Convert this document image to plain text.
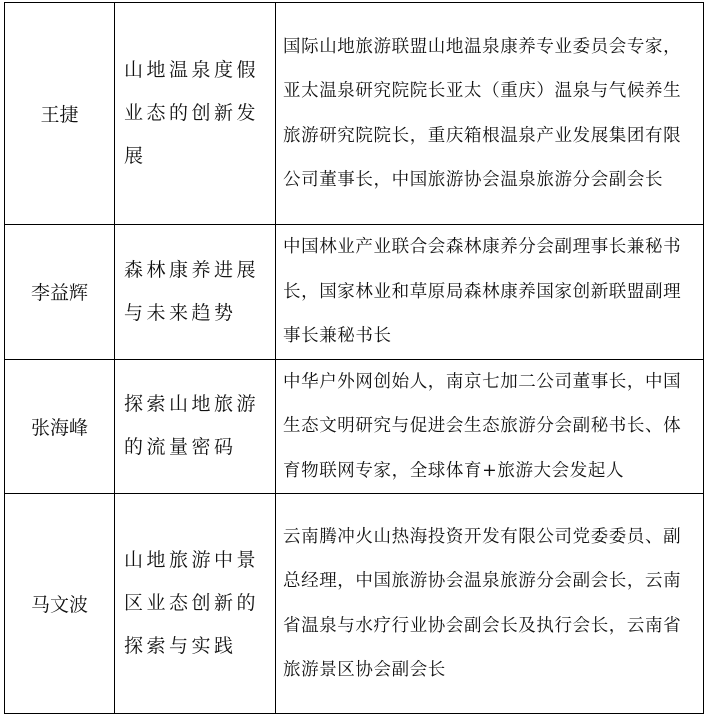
王捷	山地温泉度假业态的创新发展	国际山地旅游联盟山地温泉康养专业委员会专家，亚太温泉研究院院长亚太（重庆）温泉与气候养生旅游研究院院长，重庆箱根温泉产业发展集团有限公司董事长，中国旅游协会温泉旅游分会副会长
李益辉	森林康养进展与未来趋势	中国林业产业联合会森林康养分会副理事长兼秘书长，国家林业和草原局森林康养国家创新联盟副理事长兼秘书长
张海峰	探索山地旅游的流量密码	中华户外网创始人，南京七加二公司董事长，中国生态文明研究与促进会生态旅游分会副秘书长、体育物联网专家，全球体育+旅游大会发起人
马文波	山地旅游中景区业态创新的探索与实践	云南腾冲火山热海投资开发有限公司党委委员、副总经理，中国旅游协会温泉旅游分会副会长，云南省温泉与水疗行业协会副会长及执行会长，云南省旅游景区协会副会长
